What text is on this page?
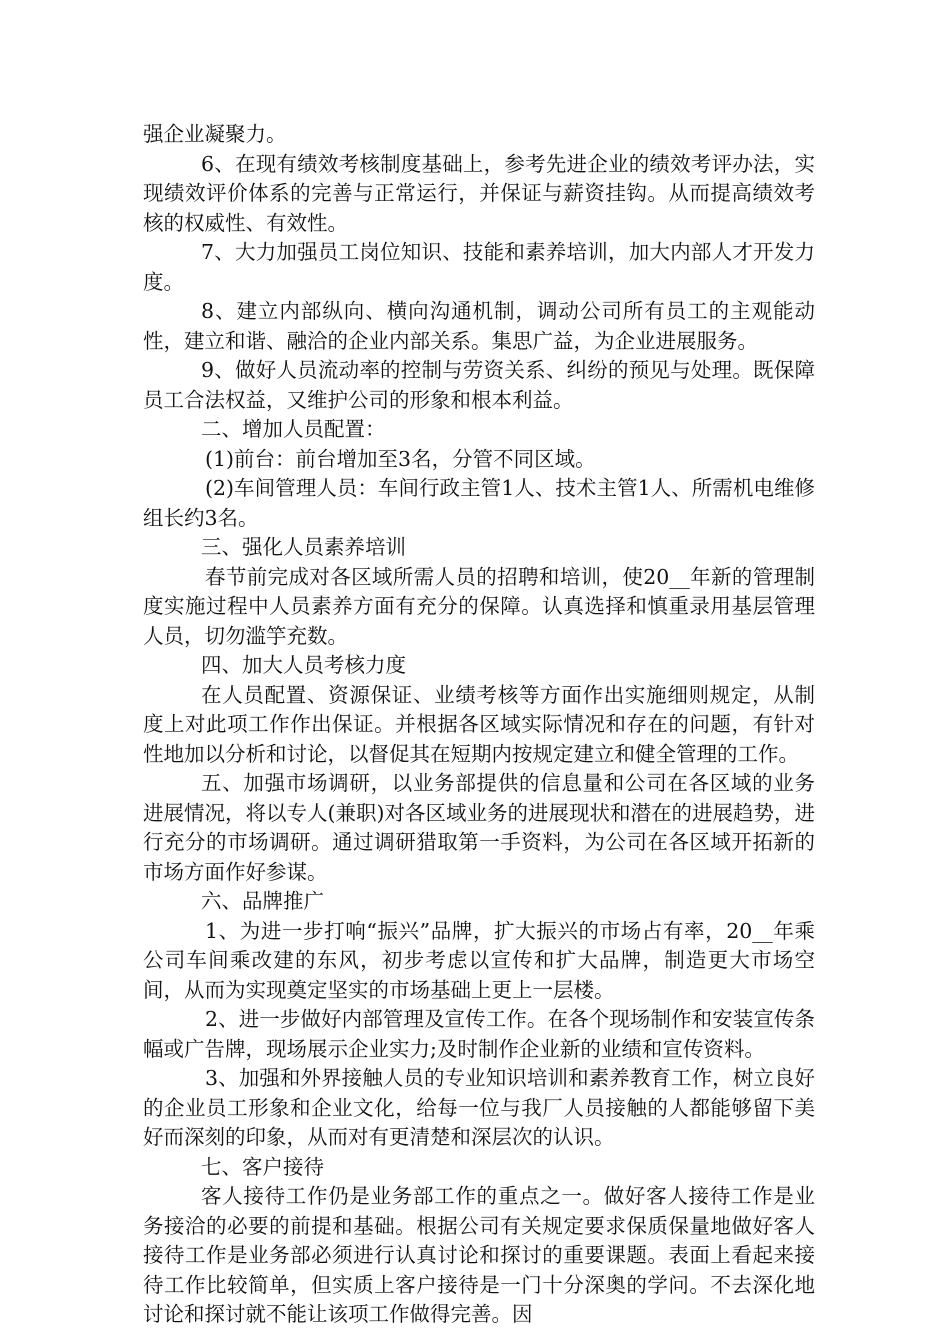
强企业凝聚力。

6、在现有绩效考核制度基础上，参考先进企业的绩效考评办法，实现绩效评价体系的完善与正常运行，并保证与薪资挂钩。从而提高绩效考核的权威性、有效性。

7、大力加强员工岗位知识、技能和素养培训，加大内部人才开发力度。

8、建立内部纵向、横向沟通机制，调动公司所有员工的主观能动性，建立和谐、融洽的企业内部关系。集思广益，为企业进展服务。

9、做好人员流动率的控制与劳资关系、纠纷的预见与处理。既保障员工合法权益，又维护公司的形象和根本利益。

二、增加人员配置：

(1)前台：前台增加至3名，分管不同区域。

(2)车间管理人员：车间行政主管1人、技术主管1人、所需机电维修组长约3名。

三、强化人员素养培训

春节前完成对各区域所需人员的招聘和培训，使20__年新的管理制度实施过程中人员素养方面有充分的保障。认真选择和慎重录用基层管理人员，切勿滥竽充数。

四、加大人员考核力度

在人员配置、资源保证、业绩考核等方面作出实施细则规定，从制度上对此项工作作出保证。并根据各区域实际情况和存在的问题，有针对性地加以分析和讨论，以督促其在短期内按规定建立和健全管理的工作。

五、加强市场调研，以业务部提供的信息量和公司在各区域的业务进展情况，将以专人(兼职)对各区域业务的进展现状和潜在的进展趋势，进行充分的市场调研。通过调研猎取第一手资料，为公司在各区域开拓新的市场方面作好参谋。

六、品牌推广

1、为进一步打响“振兴”品牌，扩大振兴的市场占有率，20__年乘公司车间乘改建的东风，初步考虑以宣传和扩大品牌，制造更大市场空间，从而为实现奠定坚实的市场基础上更上一层楼。

2、进一步做好内部管理及宣传工作。在各个现场制作和安装宣传条幅或广告牌，现场展示企业实力;及时制作企业新的业绩和宣传资料。

3、加强和外界接触人员的专业知识培训和素养教育工作，树立良好的企业员工形象和企业文化，给每一位与我厂人员接触的人都能够留下美好而深刻的印象，从而对有更清楚和深层次的认识。

七、客户接待

客人接待工作仍是业务部工作的重点之一。做好客人接待工作是业务接洽的必要的前提和基础。根据公司有关规定要求保质保量地做好客人接待工作是业务部必须进行认真讨论和探讨的重要课题。表面上看起来接待工作比较简单，但实质上客户接待是一门十分深奥的学问。不去深化地讨论和探讨就不能让该项工作做得完善。因
